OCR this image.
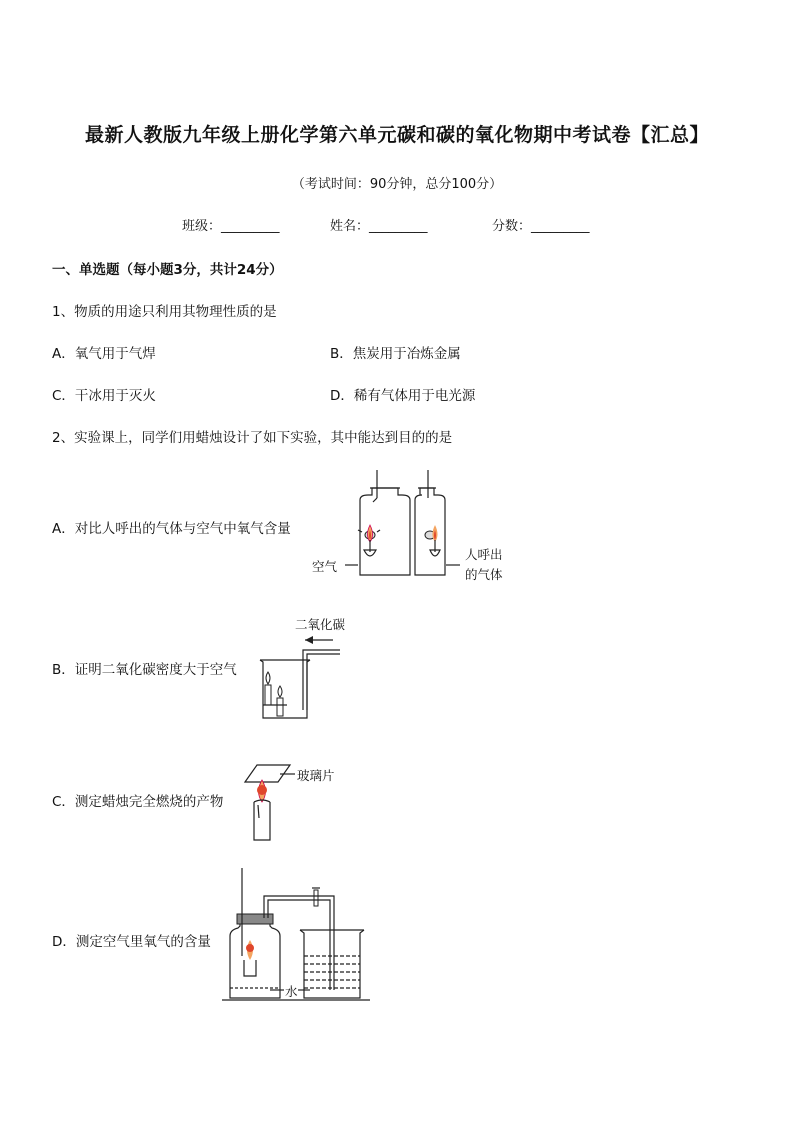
最新人教版九年级上册化学第六单元碳和碳的氧化物期中考试卷【汇总】
（考试时间：90分钟，总分100分）
班级：_________	姓名：_________	分数：_________
一、单选题（每小题3分，共计24分）
1、物质的用途只利用其物理性质的是
A．氧气用于气焊	B．焦炭用于冶炼金属
C．干冰用于灭火	D．稀有气体用于电光源
2、实验课上，同学们用蜡烛设计了如下实验，其中能达到目的的是
A．对比人呼出的气体与空气中氧气含量
空气
人呼出
的气体
B．证明二氧化碳密度大于空气
二氧化碳
C．测定蜡烛完全燃烧的产物
玻璃片
D．测定空气里氧气的含量
水
